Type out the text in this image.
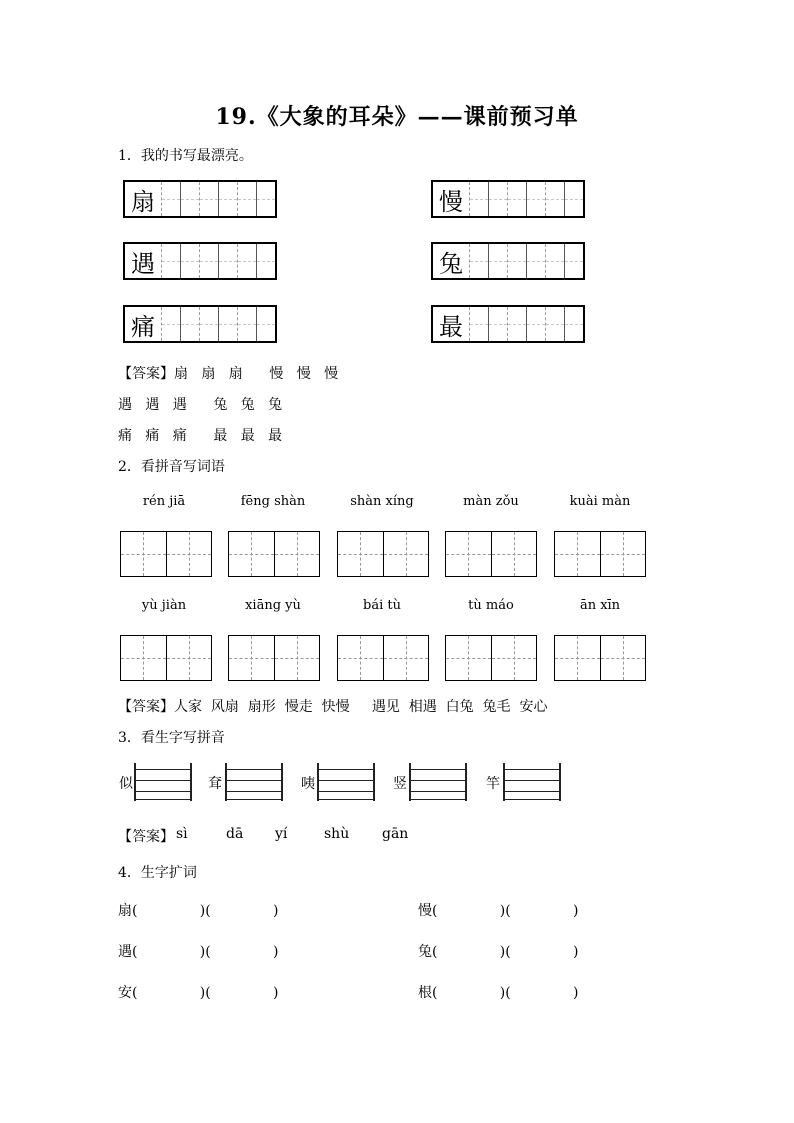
19.《大象的耳朵》——课前预习单
1．我的书写最漂亮。
扇	慢
遇	兔
痛	最
【答案】扇   扇   扇      慢   慢   慢
遇   遇   遇      兔   兔   兔
痛   痛   痛      最   最   最
2．看拼音写词语
rén jiā	fēng shàn	shàn xíng	màn zǒu	kuài màn
yù jiàn	xiāng yù	bái tù	tù máo	ān xīn
【答案】人家  风扇  扇形  慢走  快慢     遇见  相遇  白兔  兔毛  安心
3．看生字写拼音
似	耷	咦	竖	竿
【答案】 sì	dā yí	shù gān
4．生字扩词
扇(              )(              )	慢(              )(              )
遇(              )(              )	兔(              )(              )
安(              )(              )	根(              )(              )
